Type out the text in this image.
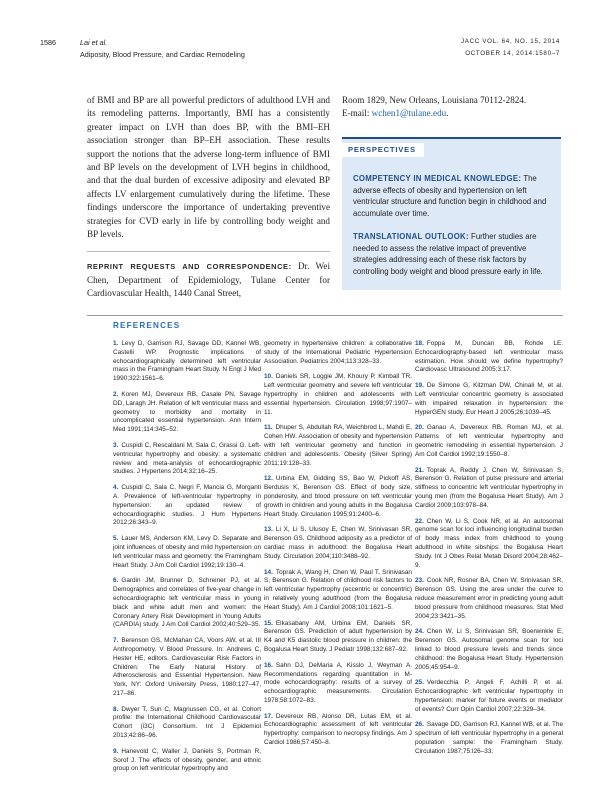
1586	Lai et al.
Adiposity, Blood Pressure, and Cardiac Remodeling
JACC VOL. 64, NO. 15, 2014
OCTOBER 14, 2014:1580–7

of BMI and BP are all powerful predictors of adulthood LVH and its remodeling patterns. Importantly, BMI has a consistently greater impact on LVH than does BP, with the BMI–EH association stronger than BP–EH association. These results support the notions that the adverse long-term influence of BMI and BP levels on the development of LVH begins in childhood, and that the dual burden of excessive adiposity and elevated BP affects LV enlargement cumulatively during the lifetime. These findings underscore the importance of undertaking preventive strategies for CVD early in life by controlling body weight and BP levels.

REPRINT REQUESTS AND CORRESPONDENCE: Dr. Wei Chen, Department of Epidemiology, Tulane Center for Cardiovascular Health, 1440 Canal Street,

Room 1829, New Orleans, Louisiana 70112-2824.
E-mail: wchen1@tulane.edu.
PERSPECTIVES
COMPETENCY IN MEDICAL KNOWLEDGE: The adverse effects of obesity and hypertension on left ventricular structure and function begin in childhood and accumulate over time.
TRANSLATIONAL OUTLOOK: Further studies are needed to assess the relative impact of preventive strategies addressing each of these risk factors by controlling body weight and blood pressure early in life.
REFERENCES

1. Levy D, Garrison RJ, Savage DD, Kannel WB, Castelli WP. Prognostic implications of echocardiographically determined left ventricular mass in the Framingham Heart Study. N Engl J Med 1990;322:1561–6.

2. Koren MJ, Devereux RB, Casale PN, Savage DD, Laragh JH. Relation of left ventricular mass and geometry to morbidity and mortality in uncomplicated essential hypertension. Ann Intern Med 1991;114:345–52.

3. Cuspidi C, Rescaldani M, Sala C, Grassi G. Left-ventricular hypertrophy and obesity: a systematic review and meta-analysis of echocardiographic studies. J Hypertens 2014;32:16–25.

4. Cuspidi C, Sala C, Negri F, Mancia G, Morganti A. Prevalence of left-ventricular hypertrophy in hypertension: an updated review of echocardiographic studies. J Hum Hypertens 2012;26:343–9.

5. Lauer MS, Anderson KM, Levy D. Separate and joint influences of obesity and mild hypertension on left ventricular mass and geometry: the Framingham Heart Study. J Am Coll Cardiol 1992;19:130–4.

6. Gardin JM, Brunner D, Schreiner PJ, et al. Demographics and correlates of five-year change in echocardiographic left ventricular mass in young black and white adult men and women: the Coronary Artery Risk Development in Young Adults (CARDIA) study. J Am Coll Cardiol 2002;40:529–35.

7. Berenson GS, McMahan CA, Voors AW, et al. III Anthropometry. V Blood Pressure. In: Andrews C, Hester HE, editors. Cardiovascular Risk Factors in Children: The Early Natural History of Atherosclerosis and Essential Hypertension. New York, NY: Oxford University Press, 1980:127–47, 217–86.

8. Dwyer T, Sun C, Magnussen CG, et al. Cohort profile: the International Childhood Cardiovascular Cohort (i3C) Consortium. Int J Epidemiol 2013;42:86–96.

9. Hanevold C, Waller J, Daniels S, Portman R, Sorof J. The effects of obesity, gender, and ethnic group on left ventricular hypertrophy and

geometry in hypertensive children: a collaborative study of the International Pediatric Hypertension Association. Pediatrics 2004;113:328–33.

10. Daniels SR, Loggie JM, Khoury P, Kimball TR. Left ventricular geometry and severe left ventricular hypertrophy in children and adolescents with essential hypertension. Circulation 1998;97:1907–11.

11. Dhuper S, Abdullah RA, Weichbrod L, Mahdi E, Cohen HW. Association of obesity and hypertension with left ventricular geometry and function in children and adolescents. Obesity (Silver Spring) 2011;19:128–33.

12. Urbina EM, Gidding SS, Bao W, Pickoff AS, Berdusis K, Berenson GS. Effect of body size, ponderosity, and blood pressure on left ventricular growth in children and young adults in the Bogalusa Heart Study. Circulation 1995;91:2400–6.

13. Li X, Li S, Ulusoy E, Chen W, Srinivasan SR, Berenson GS. Childhood adiposity as a predictor of cardiac mass in adulthood: the Bogalusa Heart Study. Circulation 2004;110:3488–92.

14. Toprak A, Wang H, Chen W, Paul T, Srinivasan S, Berenson G. Relation of childhood risk factors to left ventricular hypertrophy (eccentric or concentric) in relatively young adulthood (from the Bogalusa Heart Study). Am J Cardiol 2008;101:1621–5.

15. Elkasabany AM, Urbina EM, Daniels SR, Berenson GS. Prediction of adult hypertension by K4 and K5 diastolic blood pressure in children: the Bogalusa Heart Study. J Pediatr 1998;132:687–92.

16. Sahn DJ, DeMaria A, Kisslo J, Weyman A. Recommendations regarding quantitation in M-mode echocardiography: results of a survey of echocardiographic measurements. Circulation 1978;58:1072–83.

17. Devereux RB, Alonso DR, Lutas EM, et al. Echocardiographic assessment of left ventricular hypertrophy: comparison to necropsy findings. Am J Cardiol 1986;57:450–8.

18. Foppa M, Duncan BB, Rohde LE. Echocardiography-based left ventricular mass estimation. How should we define hypertrophy? Cardiovasc Ultrasound 2005;3:17.

19. De Simone G, Kitzman DW, Chinali M, et al. Left ventricular concentric geometry is associated with impaired relaxation in hypertension: the HyperGEN study. Eur Heart J 2005;26:1039–45.

20. Ganau A, Devereux RB, Roman MJ, et al. Patterns of left ventricular hypertrophy and geometric remodeling in essential hypertension. J Am Coll Cardiol 1992;19:1550–8.

21. Toprak A, Reddy J, Chen W, Srinivasan S, Berenson G. Relation of pulse pressure and arterial stiffness to concentric left ventricular hypertrophy in young men (from the Bogalusa Heart Study). Am J Cardiol 2009;103:978–84.

22. Chen W, Li S, Cook NR, et al. An autosomal genome scan for loci influencing longitudinal burden of body mass index from childhood to young adulthood in white sibships: the Bogalusa Heart Study. Int J Obes Relat Metab Disord 2004;28:462–9.

23. Cook NR, Rosner BA, Chen W, Srinivasan SR, Berenson GS. Using the area under the curve to reduce measurement error in predicting young adult blood pressure from childhood measures. Stat Med 2004;23:3421–35.

24. Chen W, Li S, Srinivasan SR, Boerwinkle E, Berenson GS. Autosomal genome scan for loci linked to blood pressure levels and trends since childhood: the Bogalusa Heart Study. Hypertension 2005;45:954–9.

25. Verdecchia P, Angeli F, Achilli P, et al. Echocardiographic left ventricular hypertrophy in hypertension: marker for future events or mediator of events? Curr Opin Cardiol 2007;22:329–34.

26. Savage DD, Garrison RJ, Kannel WB, et al. The spectrum of left ventricular hypertrophy in a general population sample: the Framingham Study. Circulation 1987;75:I26–33.
